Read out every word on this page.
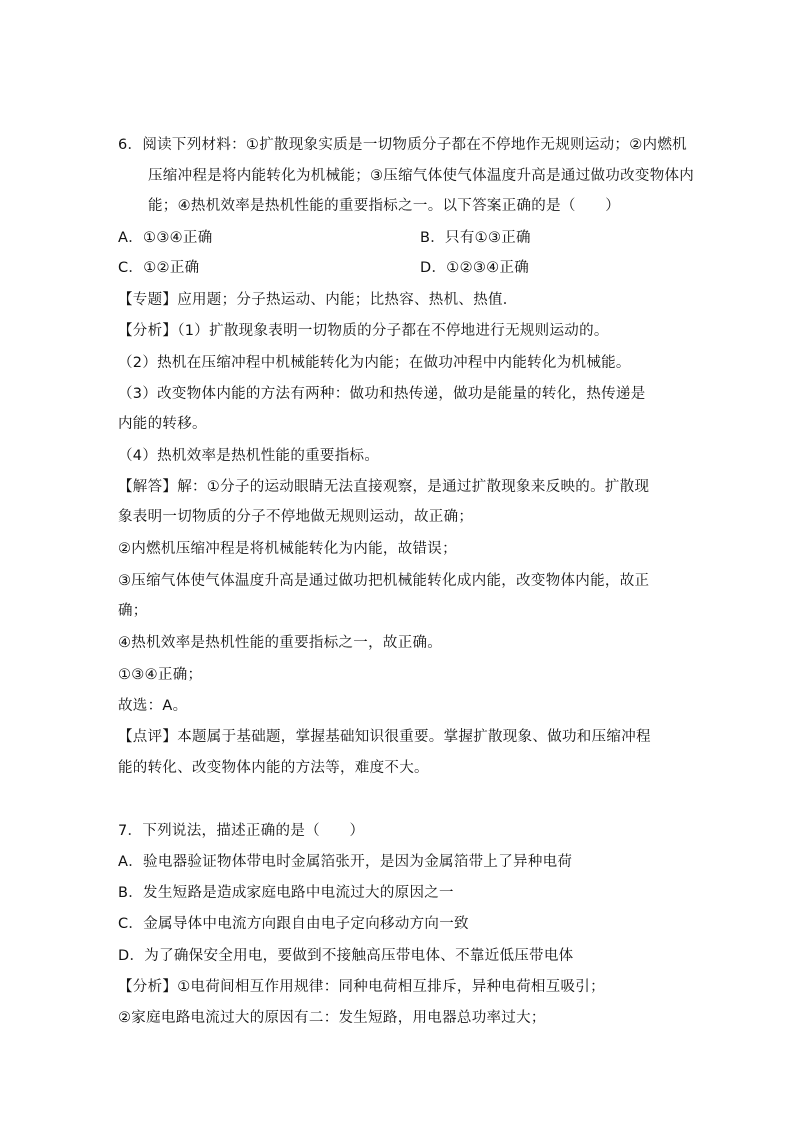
6．阅读下列材料：①扩散现象实质是一切物质分子都在不停地作无规则运动；②内燃机
压缩冲程是将内能转化为机械能；③压缩气体使气体温度升高是通过做功改变物体内
能；④热机效率是热机性能的重要指标之一。以下答案正确的是（　　）
A．①③④正确	B．只有①③正确
C．①②正确	D．①②③④正确
【专题】应用题；分子热运动、内能；比热容、热机、热值．
【分析】（1）扩散现象表明一切物质的分子都在不停地进行无规则运动的。
（2）热机在压缩冲程中机械能转化为内能；在做功冲程中内能转化为机械能。
（3）改变物体内能的方法有两种：做功和热传递，做功是能量的转化，热传递是
内能的转移。
（4）热机效率是热机性能的重要指标。
【解答】解：①分子的运动眼睛无法直接观察，是通过扩散现象来反映的。扩散现
象表明一切物质的分子不停地做无规则运动，故正确；
②内燃机压缩冲程是将机械能转化为内能，故错误；
③压缩气体使气体温度升高是通过做功把机械能转化成内能，改变物体内能，故正
确；
④热机效率是热机性能的重要指标之一，故正确。
①③④正确；
故选：A。
【点评】本题属于基础题，掌握基础知识很重要。掌握扩散现象、做功和压缩冲程
能的转化、改变物体内能的方法等，难度不大。
7．下列说法，描述正确的是（　　）
A．验电器验证物体带电时金属箔张开，是因为金属箔带上了异种电荷
B．发生短路是造成家庭电路中电流过大的原因之一
C．金属导体中电流方向跟自由电子定向移动方向一致
D．为了确保安全用电，要做到不接触高压带电体、不靠近低压带电体
【分析】①电荷间相互作用规律：同种电荷相互排斥，异种电荷相互吸引；
②家庭电路电流过大的原因有二：发生短路，用电器总功率过大；
